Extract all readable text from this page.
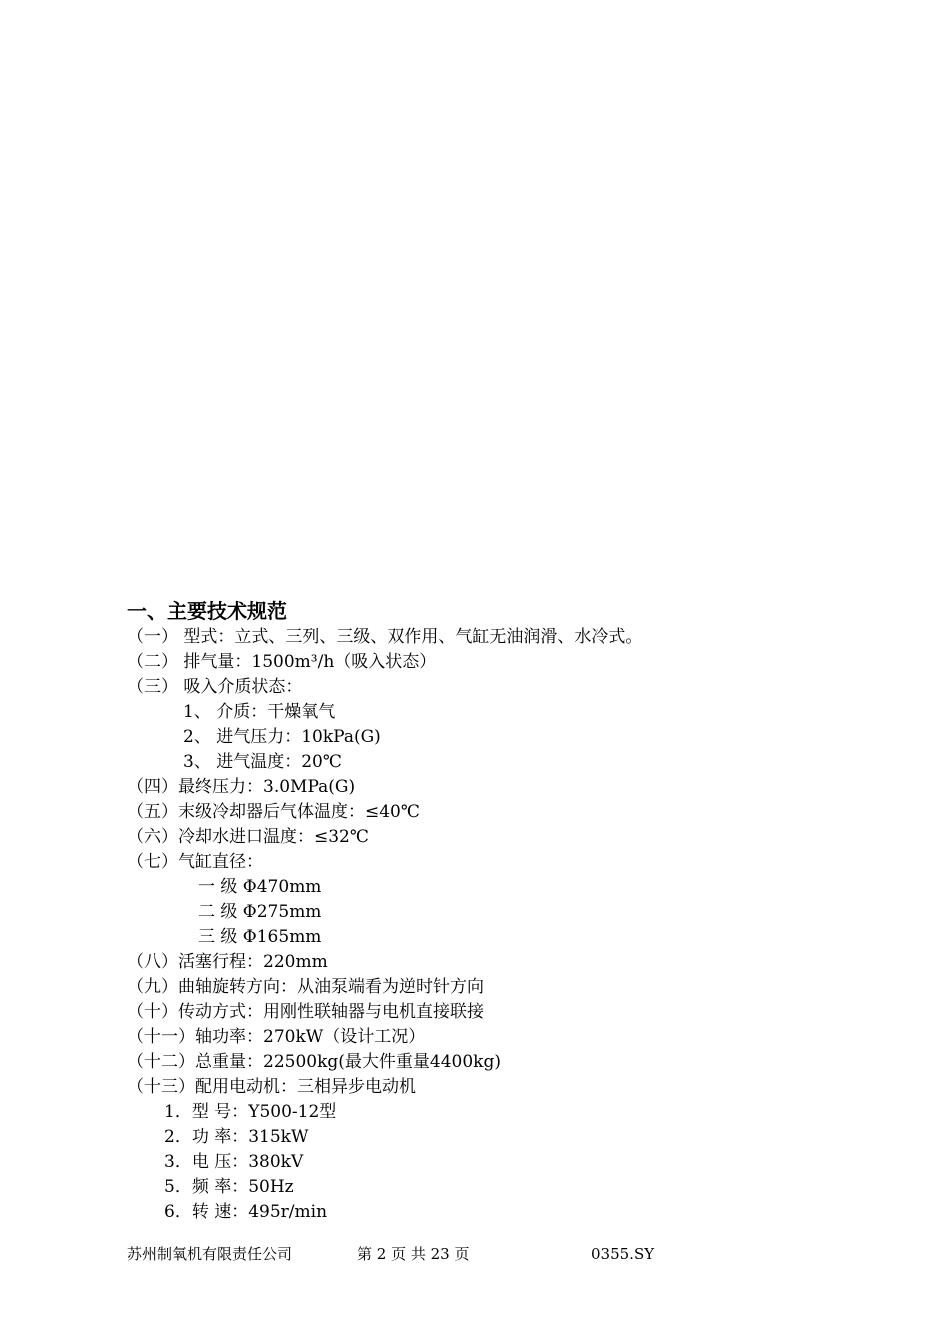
一、主要技术规范
（一） 型式：立式、三列、三级、双作用、气缸无油润滑、水冷式。
（二） 排气量：1500m³/h（吸入状态）
（三） 吸入介质状态：
1、 介质：干燥氧气
2、 进气压力：10kPa(G)
3、 进气温度：20℃
（四）最终压力：3.0MPa(G)
（五）末级冷却器后气体温度：≤40℃
（六）冷却水进口温度：≤32℃
（七）气缸直径：
一 级 Φ470mm
二 级 Φ275mm
三 级 Φ165mm
（八）活塞行程：220mm
（九）曲轴旋转方向：从油泵端看为逆时针方向
（十）传动方式：用刚性联轴器与电机直接联接
（十一）轴功率：270kW（设计工况）
（十二）总重量：22500kg(最大件重量4400kg)
（十三）配用电动机：三相异步电动机
1．型 号：Y500-12型
2．功 率：315kW
3．电 压：380kV
5．频 率：50Hz
6．转 速：495r/min
苏州制氧机有限责任公司	第 2 页 共 23 页	0355.SY
